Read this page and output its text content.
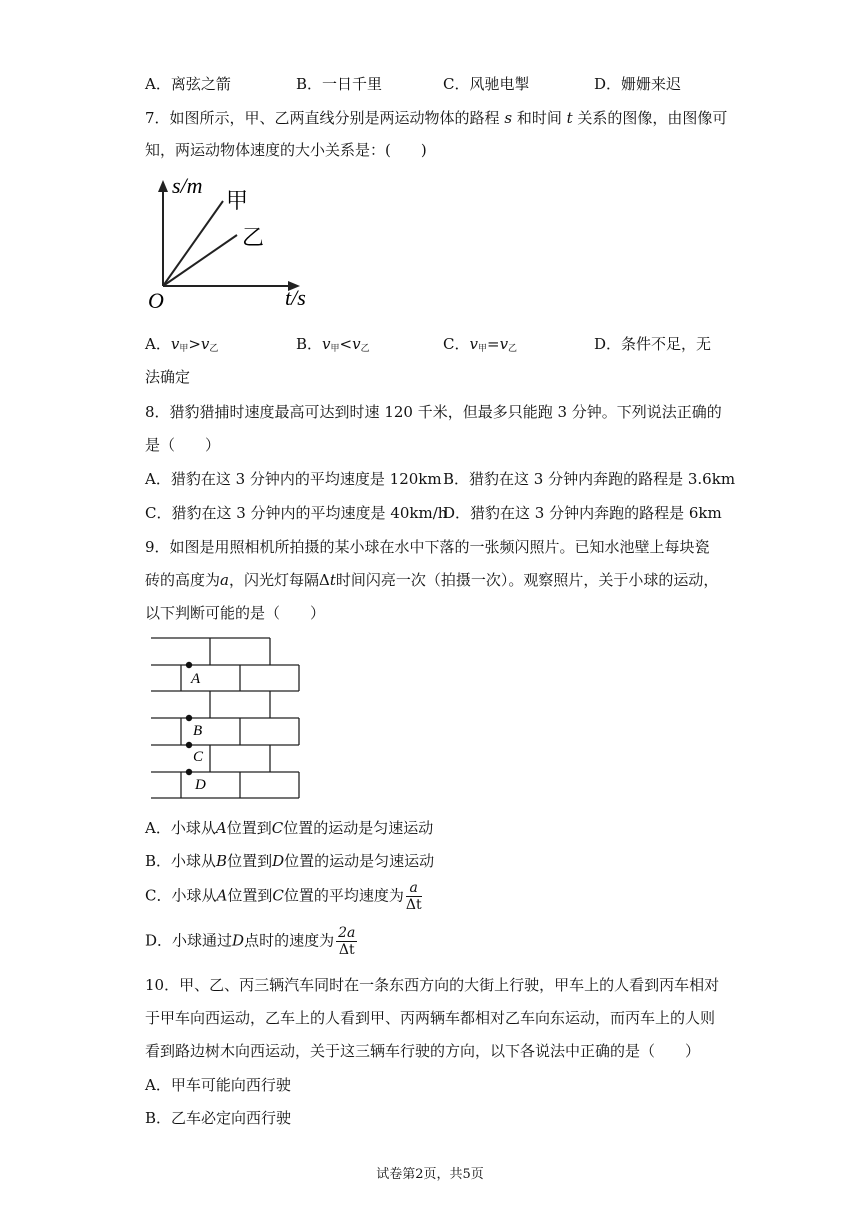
A．离弦之箭	B．一日千里	C．风驰电掣	D．姗姗来迟
7．如图所示，甲、乙两直线分别是两运动物体的路程 s 和时间 t 关系的图像，由图像可
知，两运动物体速度的大小关系是：(　　)
s/m
t/s
O
甲
乙
A．$v_甲>v_乙$	B．$v_甲<v_乙$	C．$v_甲=v_乙$	D．条件不足，无
法确定
8．猎豹猎捕时速度最高可达到时速 120 千米，但最多只能跑 3 分钟。下列说法正确的
是（　　）
A．猎豹在这 3 分钟内的平均速度是 120km B．猎豹在这 3 分钟内奔跑的路程是 3.6km
C．猎豹在这 3 分钟内的平均速度是 40km/h
D．猎豹在这 3 分钟内奔跑的路程是 6km
9．如图是用照相机所拍摄的某小球在水中下落的一张频闪照片。已知水池壁上每块瓷
砖的高度为a，闪光灯每隔Δt时间闪亮一次（拍摄一次）。观察照片，关于小球的运动，
以下判断可能的是（　　）
A
B
C
D
A．小球从A位置到C位置的运动是匀速运动
B．小球从B位置到D位置的运动是匀速运动
C．小球从A位置到C位置的平均速度为 $\frac{a}{\Delta t}$
D．小球通过D点时的速度为 $\frac{2a}{\Delta t}$
10．甲、乙、丙三辆汽车同时在一条东西方向的大街上行驶，甲车上的人看到丙车相对
于甲车向西运动，乙车上的人看到甲、丙两辆车都相对乙车向东运动，而丙车上的人则
看到路边树木向西运动，关于这三辆车行驶的方向，以下各说法中正确的是（　　）
A．甲车可能向西行驶
B．乙车必定向西行驶
试卷第2页，共5页
